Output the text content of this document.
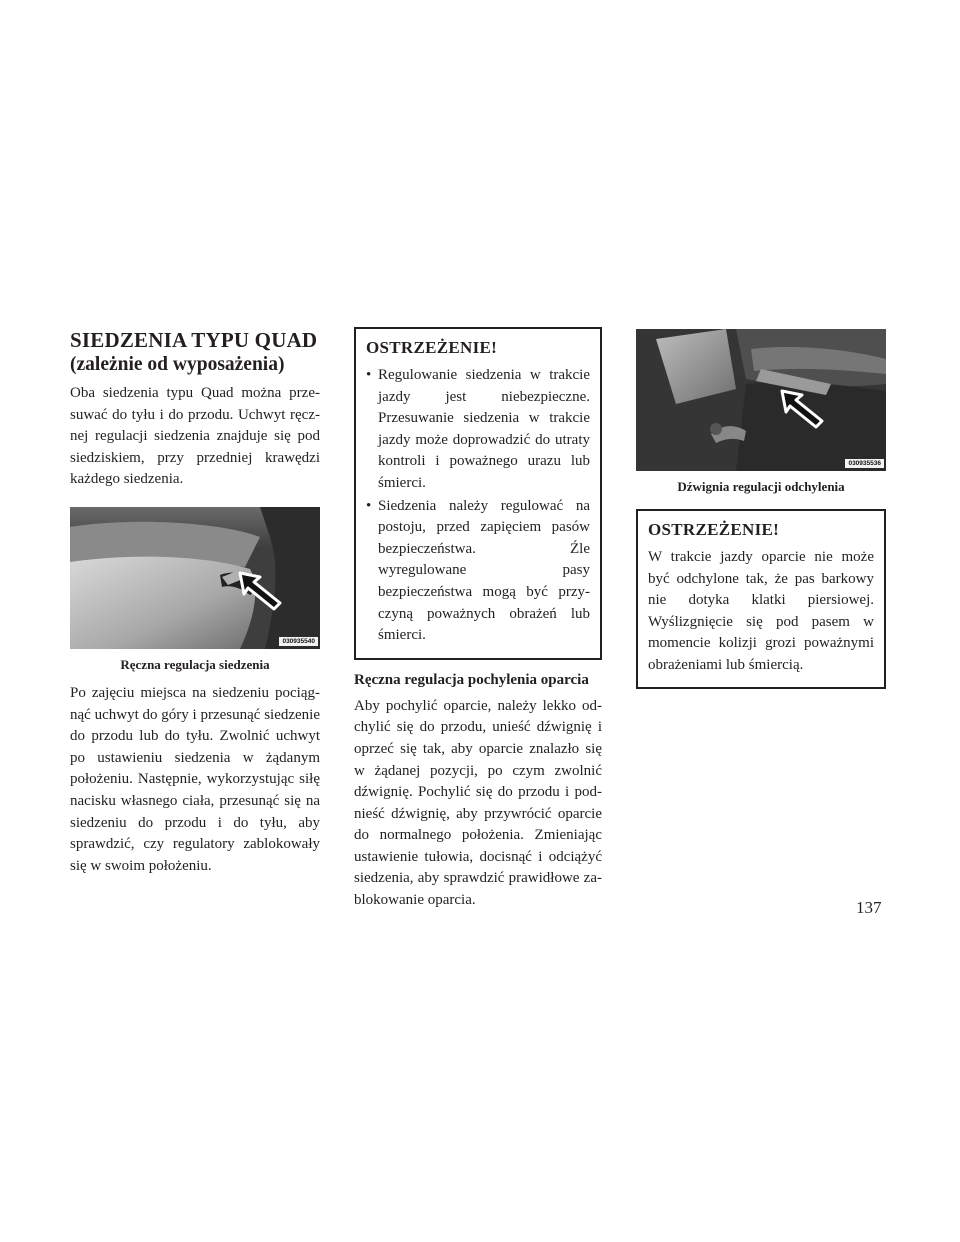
SIEDZENIA TYPU QUAD
(zależnie od wyposażenia)

Oba siedzenia typu Quad można przesuwać do tyłu i do przodu. Uchwyt ręcznej regulacji siedzenia znajduje się pod siedziskiem, przy przedniej krawędzi każdego siedzenia.

030935540
Ręczna regulacja siedzenia

Po zajęciu miejsca na siedzeniu pociągnąć uchwyt do góry i przesunąć siedzenie do przodu lub do tyłu. Zwolnić uchwyt po ustawieniu siedzenia w żądanym położeniu. Następnie, wykorzystując siłę nacisku własnego ciała, przesunąć się na siedzeniu do przodu i do tyłu, aby sprawdzić, czy regulatory zablokowały się w swoim położeniu.

OSTRZEŻENIE!
• Regulowanie siedzenia w trakcie jazdy jest niebezpieczne. Przesuwanie siedzenia w trakcie jazdy może doprowadzić do utraty kontroli i poważnego urazu lub śmierci.
• Siedzenia należy regulować na postoju, przed zapięciem pasów bezpieczeństwa. Źle wyregulowane pasy bezpieczeństwa mogą być przyczyną poważnych obrażeń lub śmierci.
Ręczna regulacja pochylenia oparcia

Aby pochylić oparcie, należy lekko odchylić się do przodu, unieść dźwignię i oprzeć się tak, aby oparcie znalazło się w żądanej pozycji, po czym zwolnić dźwignię. Pochylić się do przodu i podnieść dźwignię, aby przywrócić oparcie do normalnego położenia. Zmieniając ustawienie tułowia, docisnąć i odciążyć siedzenia, aby sprawdzić prawidłowe zablokowanie oparcia.

030935536
Dźwignia regulacji odchylenia
OSTRZEŻENIE!

W trakcie jazdy oparcie nie może być odchylone tak, że pas barkowy nie dotyka klatki piersiowej. Wyślizgnięcie się pod pasem w momencie kolizji grozi poważnymi obrażeniami lub śmiercią.

137
